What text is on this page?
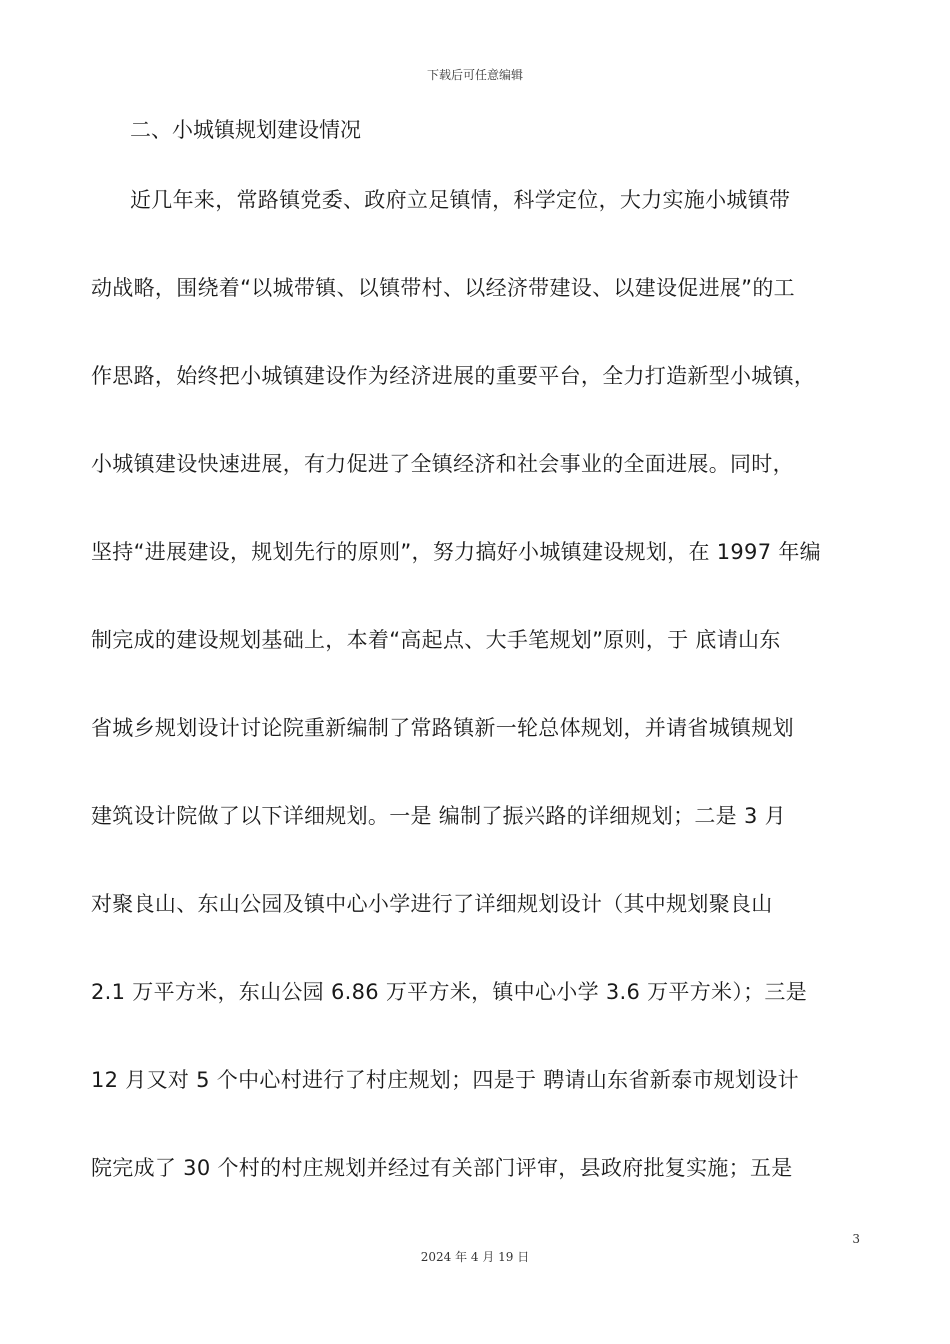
下载后可任意编辑
二、小城镇规划建设情况
近几年来，常路镇党委、政府立足镇情，科学定位，大力实施小城镇带
动战略，围绕着“以城带镇、以镇带村、以经济带建设、以建设促进展”的工
作思路，始终把小城镇建设作为经济进展的重要平台，全力打造新型小城镇，
小城镇建设快速进展，有力促进了全镇经济和社会事业的全面进展。同时，
坚持“进展建设，规划先行的原则”，努力搞好小城镇建设规划，在 1997 年编
制完成的建设规划基础上，本着“高起点、大手笔规划”原则，于 底请山东
省城乡规划设计讨论院重新编制了常路镇新一轮总体规划，并请省城镇规划
建筑设计院做了以下详细规划。一是 编制了振兴路的详细规划；二是 3 月
对聚良山、东山公园及镇中心小学进行了详细规划设计（其中规划聚良山
2.1 万平方米，东山公园 6.86 万平方米，镇中心小学 3.6 万平方米）；三是
12 月又对 5 个中心村进行了村庄规划；四是于 聘请山东省新泰市规划设计
院完成了 30 个村的村庄规划并经过有关部门评审，县政府批复实施；五是
3
2024 年 4 月 19 日
